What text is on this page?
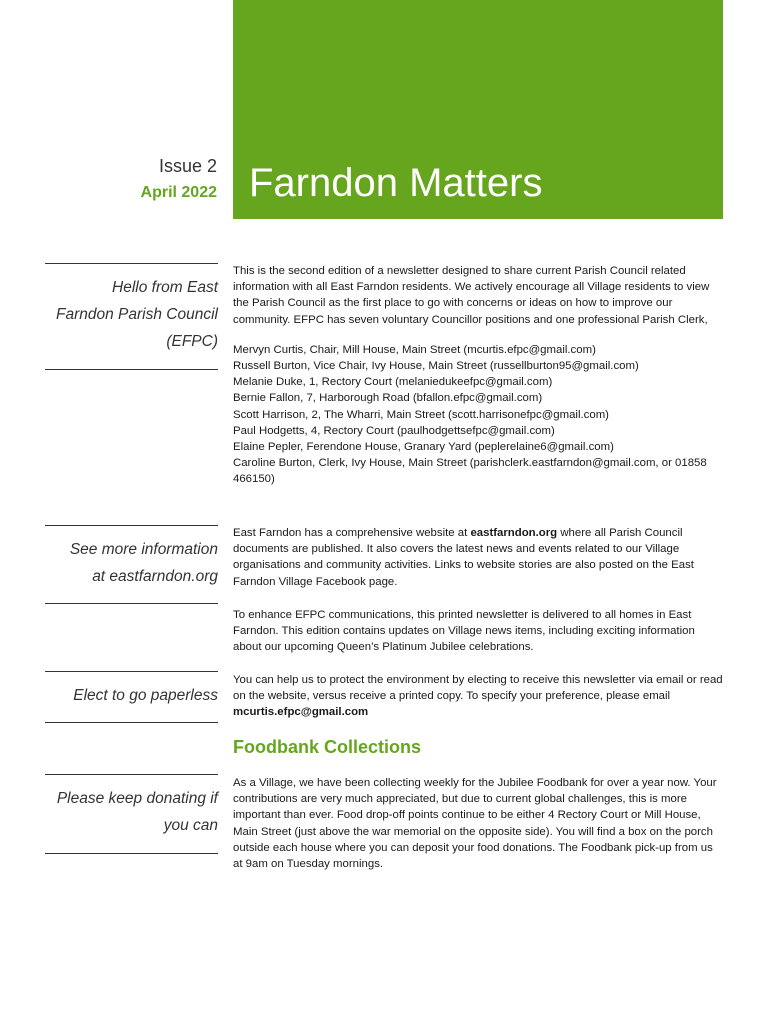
Issue 2
April 2022 Farndon Matters
Hello from East
Farndon Parish Council
(EFPC)
See more information
at eastfarndon.org
Elect to go paperless
Please keep donating if
you can

This is the second edition of a newsletter designed to share current Parish Council related information with all East Farndon residents. We actively encourage all Village residents to view the Parish Council as the first place to go with concerns or ideas on how to improve our community. EFPC has seven voluntary Councillor positions and one professional Parish Clerk,

Mervyn Curtis, Chair, Mill House, Main Street (mcurtis.efpc@gmail.com)
Russell Burton, Vice Chair, Ivy House, Main Street (russellburton95@gmail.com)
Melanie Duke, 1, Rectory Court (melaniedukeefpc@gmail.com)
Bernie Fallon, 7, Harborough Road (bfallon.efpc@gmail.com)
Scott Harrison, 2, The Wharri, Main Street (scott.harrisonefpc@gmail.com)
Paul Hodgetts, 4, Rectory Court (paulhodgettsefpc@gmail.com)
Elaine Pepler, Ferendone House, Granary Yard (peplerelaine6@gmail.com)
Caroline Burton, Clerk, Ivy House, Main Street (parishclerk.eastfarndon@gmail.com, or 01858 466150)

East Farndon has a comprehensive website at eastfarndon.org where all Parish Council documents are published. It also covers the latest news and events related to our Village organisations and community activities. Links to website stories are also posted on the East Farndon Village Facebook page.

To enhance EFPC communications, this printed newsletter is delivered to all homes in East Farndon. This edition contains updates on Village news items, including exciting information about our upcoming Queen’s Platinum Jubilee celebrations.

You can help us to protect the environment by electing to receive this newsletter via email or read on the website, versus receive a printed copy. To specify your preference, please email mcurtis.efpc@gmail.com

Foodbank Collections

As a Village, we have been collecting weekly for the Jubilee Foodbank for over a year now. Your contributions are very much appreciated, but due to current global challenges, this is more important than ever. Food drop-off points continue to be either 4 Rectory Court or Mill House, Main Street (just above the war memorial on the opposite side). You will find a box on the porch outside each house where you can deposit your food donations. The Foodbank pick-up from us at 9am on Tuesday mornings.
